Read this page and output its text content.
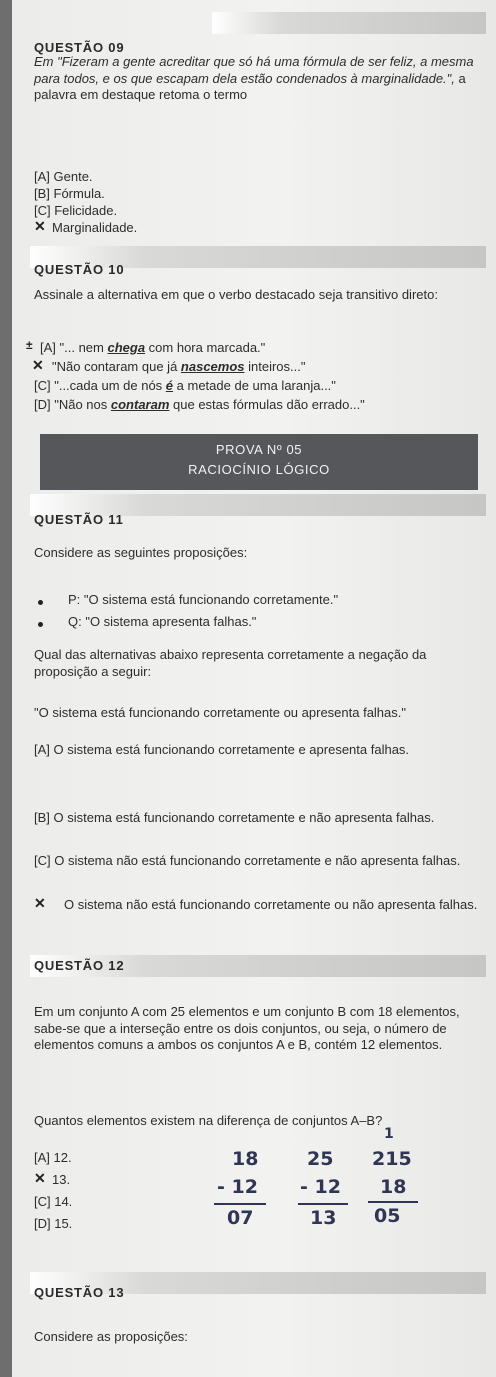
QUESTÃO 09
Em "Fizeram a gente acreditar que só há uma fórmula de ser feliz, a mesma para todos, e os que escapam dela estão condenados à marginalidade.", a palavra em destaque retoma o termo
[A] Gente.
[B] Fórmula.
[C] Felicidade.
✕ Marginalidade.
QUESTÃO 10
Assinale a alternativa em que o verbo destacado seja transitivo direto:
[A] "... nem chega com hora marcada."
±
✕ "Não contaram que já nascemos inteiros..."
[C] "...cada um de nós é a metade de uma laranja..."
[D] "Não nos contaram que estas fórmulas dão errado..."
PROVA Nº 05
RACIOCÍNIO LÓGICO
QUESTÃO 11
Considere as seguintes proposições:
P: "O sistema está funcionando corretamente."
Q: "O sistema apresenta falhas."
Qual das alternativas abaixo representa corretamente a negação da proposição a seguir:
"O sistema está funcionando corretamente ou apresenta falhas."
[A] O sistema está funcionando corretamente e apresenta falhas.
[B] O sistema está funcionando corretamente e não apresenta falhas.
[C] O sistema não está funcionando corretamente e não apresenta falhas.
✕ O sistema não está funcionando corretamente ou não apresenta falhas.
QUESTÃO 12
Em um conjunto A com 25 elementos e um conjunto B com 18 elementos, sabe-se que a interseção entre os dois conjuntos, ou seja, o número de elementos comuns a ambos os conjuntos A e B, contém 12 elementos.
Quantos elementos existem na diferença de conjuntos A–B?
[A] 12.
✕ 13.
[C] 14.
[D] 15.
18
- 12
07
25
- 12
13
1
215
18
05
QUESTÃO 13
Considere as proposições:
